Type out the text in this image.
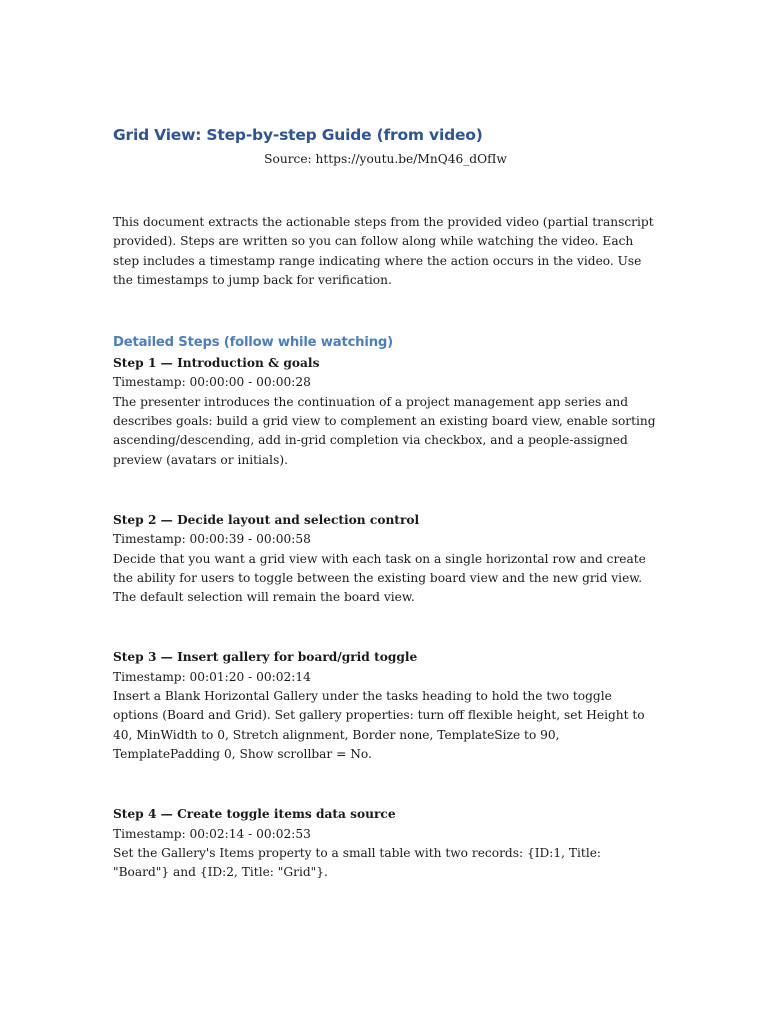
Grid View: Step-by-step Guide (from video)

Source: https://youtu.be/MnQ46_dOfIw

This document extracts the actionable steps from the provided video (partial transcript provided). Steps are written so you can follow along while watching the video. Each step includes a timestamp range indicating where the action occurs in the video. Use the timestamps to jump back for verification.

Detailed Steps (follow while watching)

Step 1 — Introduction & goals

Timestamp: 00:00:00 - 00:00:28

The presenter introduces the continuation of a project management app series and describes goals: build a grid view to complement an existing board view, enable sorting ascending/descending, add in-grid completion via checkbox, and a people-assigned preview (avatars or initials).

Step 2 — Decide layout and selection control

Timestamp: 00:00:39 - 00:00:58

Decide that you want a grid view with each task on a single horizontal row and create the ability for users to toggle between the existing board view and the new grid view. The default selection will remain the board view.

Step 3 — Insert gallery for board/grid toggle

Timestamp: 00:01:20 - 00:02:14

Insert a Blank Horizontal Gallery under the tasks heading to hold the two toggle options (Board and Grid). Set gallery properties: turn off flexible height, set Height to 40, MinWidth to 0, Stretch alignment, Border none, TemplateSize to 90, TemplatePadding 0, Show scrollbar = No.

Step 4 — Create toggle items data source

Timestamp: 00:02:14 - 00:02:53

Set the Gallery's Items property to a small table with two records: {ID:1, Title: "Board"} and {ID:2, Title: "Grid"}.
